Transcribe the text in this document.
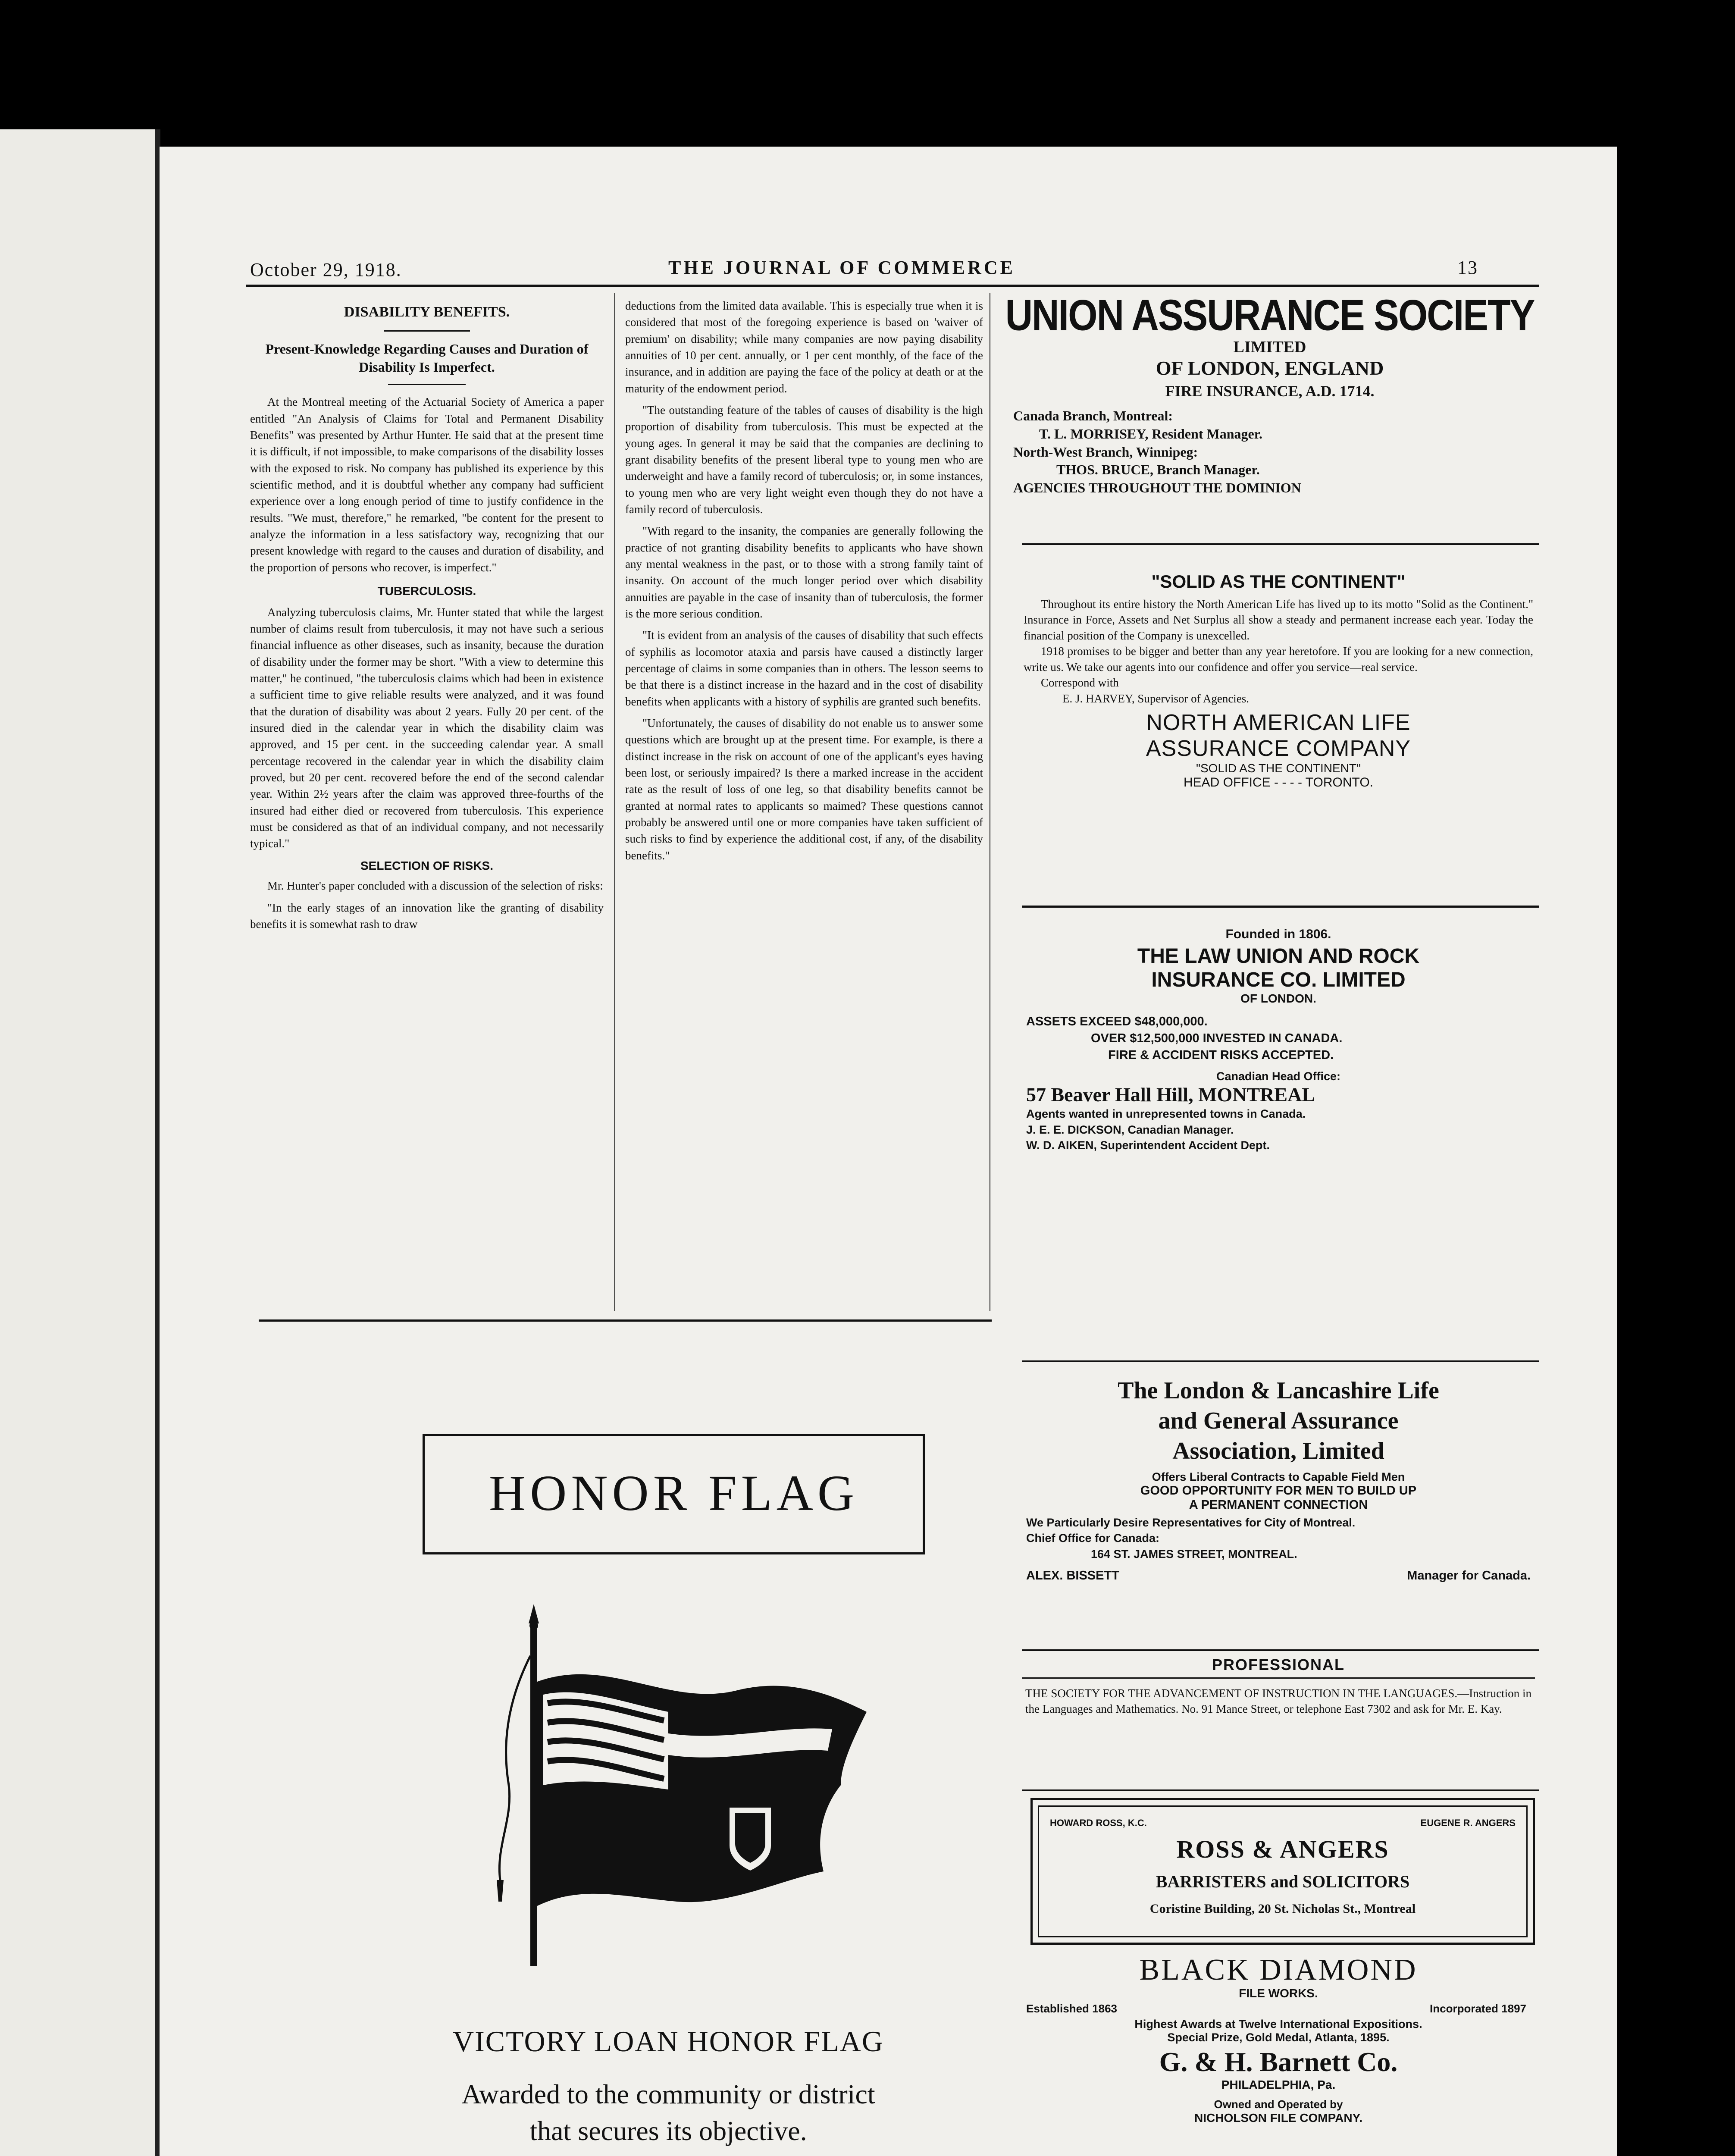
October 29, 1918.	THE JOURNAL OF COMMERCE	13
DISABILITY BENEFITS.
Present-Knowledge Regarding Causes and Duration of Disability Is Imperfect.

At the Montreal meeting of the Actuarial Society of America a paper entitled "An Analysis of Claims for Total and Permanent Disability Benefits" was presented by Arthur Hunter. He said that at the present time it is difficult, if not impossible, to make comparisons of the disability losses with the exposed to risk. No company has published its experience by this scientific method, and it is doubtful whether any company had sufficient experience over a long enough period of time to justify confidence in the results. "We must, therefore," he remarked, "be content for the present to analyze the information in a less satisfactory way, recognizing that our present knowledge with regard to the causes and duration of disability, and the proportion of persons who recover, is imperfect."

TUBERCULOSIS.

Analyzing tuberculosis claims, Mr. Hunter stated that while the largest number of claims result from tuberculosis, it may not have such a serious financial influence as other diseases, such as insanity, because the duration of disability under the former may be short. "With a view to determine this matter," he continued, "the tuberculosis claims which had been in existence a sufficient time to give reliable results were analyzed, and it was found that the duration of disability was about 2 years. Fully 20 per cent. of the insured died in the calendar year in which the disability claim was approved, and 15 per cent. in the succeeding calendar year. A small percentage recovered in the calendar year in which the disability claim proved, but 20 per cent. recovered before the end of the second calendar year. Within 2½ years after the claim was approved three-fourths of the insured had either died or recovered from tuberculosis. This experience must be considered as that of an individual company, and not necessarily typical."

SELECTION OF RISKS.

Mr. Hunter's paper concluded with a discussion of the selection of risks:

"In the early stages of an innovation like the granting of disability benefits it is somewhat rash to draw

deductions from the limited data available. This is especially true when it is considered that most of the foregoing experience is based on 'waiver of premium' on disability; while many companies are now paying disability annuities of 10 per cent. annually, or 1 per cent monthly, of the face of the insurance, and in addition are paying the face of the policy at death or at the maturity of the endowment period.

"The outstanding feature of the tables of causes of disability is the high proportion of disability from tuberculosis. This must be expected at the young ages. In general it may be said that the companies are declining to grant disability benefits of the present liberal type to young men who are underweight and have a family record of tuberculosis; or, in some instances, to young men who are very light weight even though they do not have a family record of tuberculosis.

"With regard to the insanity, the companies are generally following the practice of not granting disability benefits to applicants who have shown any mental weakness in the past, or to those with a strong family taint of insanity. On account of the much longer period over which disability annuities are payable in the case of insanity than of tuberculosis, the former is the more serious condition.

"It is evident from an analysis of the causes of disability that such effects of syphilis as locomotor ataxia and parsis have caused a distinctly larger percentage of claims in some companies than in others. The lesson seems to be that there is a distinct increase in the hazard and in the cost of disability benefits when applicants with a history of syphilis are granted such benefits.

"Unfortunately, the causes of disability do not enable us to answer some questions which are brought up at the present time. For example, is there a distinct increase in the risk on account of one of the applicant's eyes having been lost, or seriously impaired? Is there a marked increase in the accident rate as the result of loss of one leg, so that disability benefits cannot be granted at normal rates to applicants so maimed? These questions cannot probably be answered until one or more companies have taken sufficient of such risks to find by experience the additional cost, if any, of the disability benefits."

UNION ASSURANCE SOCIETY

LIMITED

OF LONDON, ENGLAND

FIRE INSURANCE, A.D. 1714.

Canada Branch, Montreal:

T. L. MORRISEY, Resident Manager.

North-West Branch, Winnipeg:

THOS. BRUCE, Branch Manager.

AGENCIES THROUGHOUT THE DOMINION

"SOLID AS THE CONTINENT"

Throughout its entire history the North American Life has lived up to its motto "Solid as the Continent." Insurance in Force, Assets and Net Surplus all show a steady and permanent increase each year. Today the financial position of the Company is unexcelled.

1918 promises to be bigger and better than any year heretofore. If you are looking for a new connection, write us. We take our agents into our confidence and offer you service—real service.

Correspond with

E. J. HARVEY, Supervisor of Agencies.

NORTH AMERICAN LIFE

ASSURANCE COMPANY

"SOLID AS THE CONTINENT"

HEAD OFFICE - - - - TORONTO.

Founded in 1806.

THE LAW UNION AND ROCK

INSURANCE CO. LIMITED

OF LONDON.

ASSETS EXCEED $48,000,000.

OVER $12,500,000 INVESTED IN CANADA.

FIRE & ACCIDENT RISKS ACCEPTED.

Canadian Head Office:

57 Beaver Hall Hill, MONTREAL

Agents wanted in unrepresented towns in Canada.

J. E. E. DICKSON, Canadian Manager.

W. D. AIKEN, Superintendent Accident Dept.

The London & Lancashire Life

and General Assurance

Association, Limited

Offers Liberal Contracts to Capable Field Men

GOOD OPPORTUNITY FOR MEN TO BUILD UP

A PERMANENT CONNECTION

We Particularly Desire Representatives for City of Montreal.

Chief Office for Canada:

164 ST. JAMES STREET, MONTREAL.

ALEX. BISSETT	Manager for Canada.

PROFESSIONAL

THE SOCIETY FOR THE ADVANCEMENT OF INSTRUCTION IN THE LANGUAGES.—Instruction in the Languages and Mathematics. No. 91 Mance Street, or telephone East 7302 and ask for Mr. E. Kay.

HOWARD ROSS, K.C.	EUGENE R. ANGERS
ROSS & ANGERS
BARRISTERS and SOLICITORS
Coristine Building, 20 St. Nicholas St., Montreal

BLACK DIAMOND

FILE WORKS.

Established 1863	Incorporated 1897

Highest Awards at Twelve International Expositions.

Special Prize, Gold Medal, Atlanta, 1895.

G. & H. Barnett Co.

PHILADELPHIA, Pa.

Owned and Operated by

NICHOLSON FILE COMPANY.

HONOR FLAG
VICTORY LOAN HONOR FLAG
Awarded to the community or district
that secures its objective.
